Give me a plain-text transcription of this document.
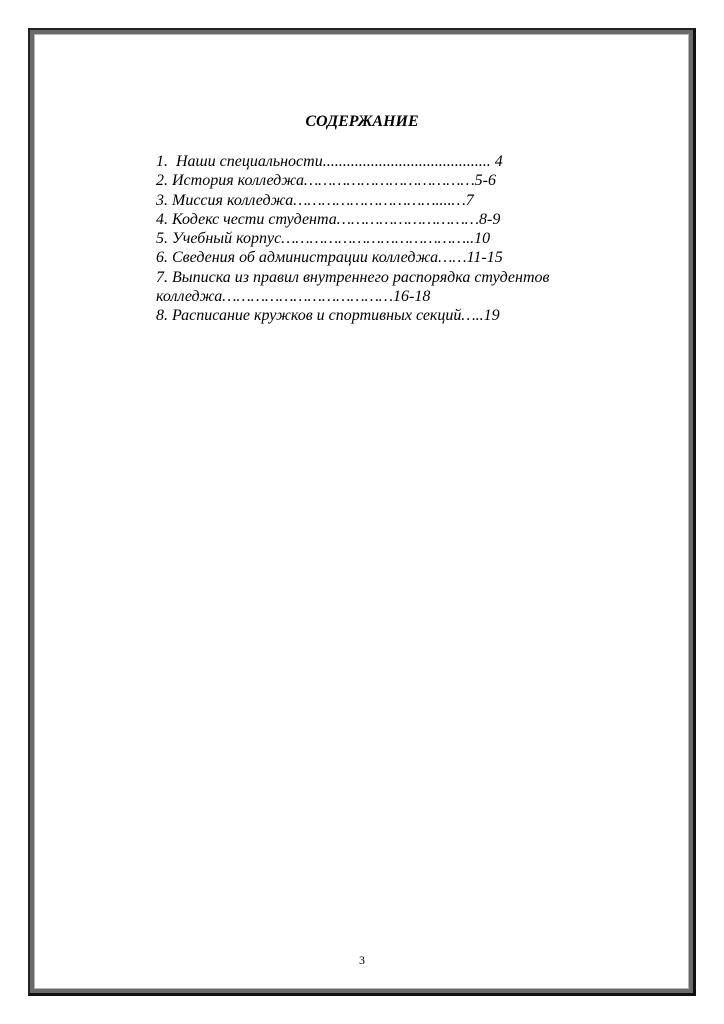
СОДЕРЖАНИЕ
1.  Наши специальности.......................................... 4
2. История колледжа………………………………5-6
3. Миссия колледжа…………………………....…7
4. Кодекс чести студента…………………………8-9
5. Учебный корпус…………………………………..10
6. Сведения об администрации колледжа……11-15
7. Выписка из правил внутреннего распорядка студентов
колледжа………………………………16-18
8. Расписание кружков и спортивных секций…..19
3
